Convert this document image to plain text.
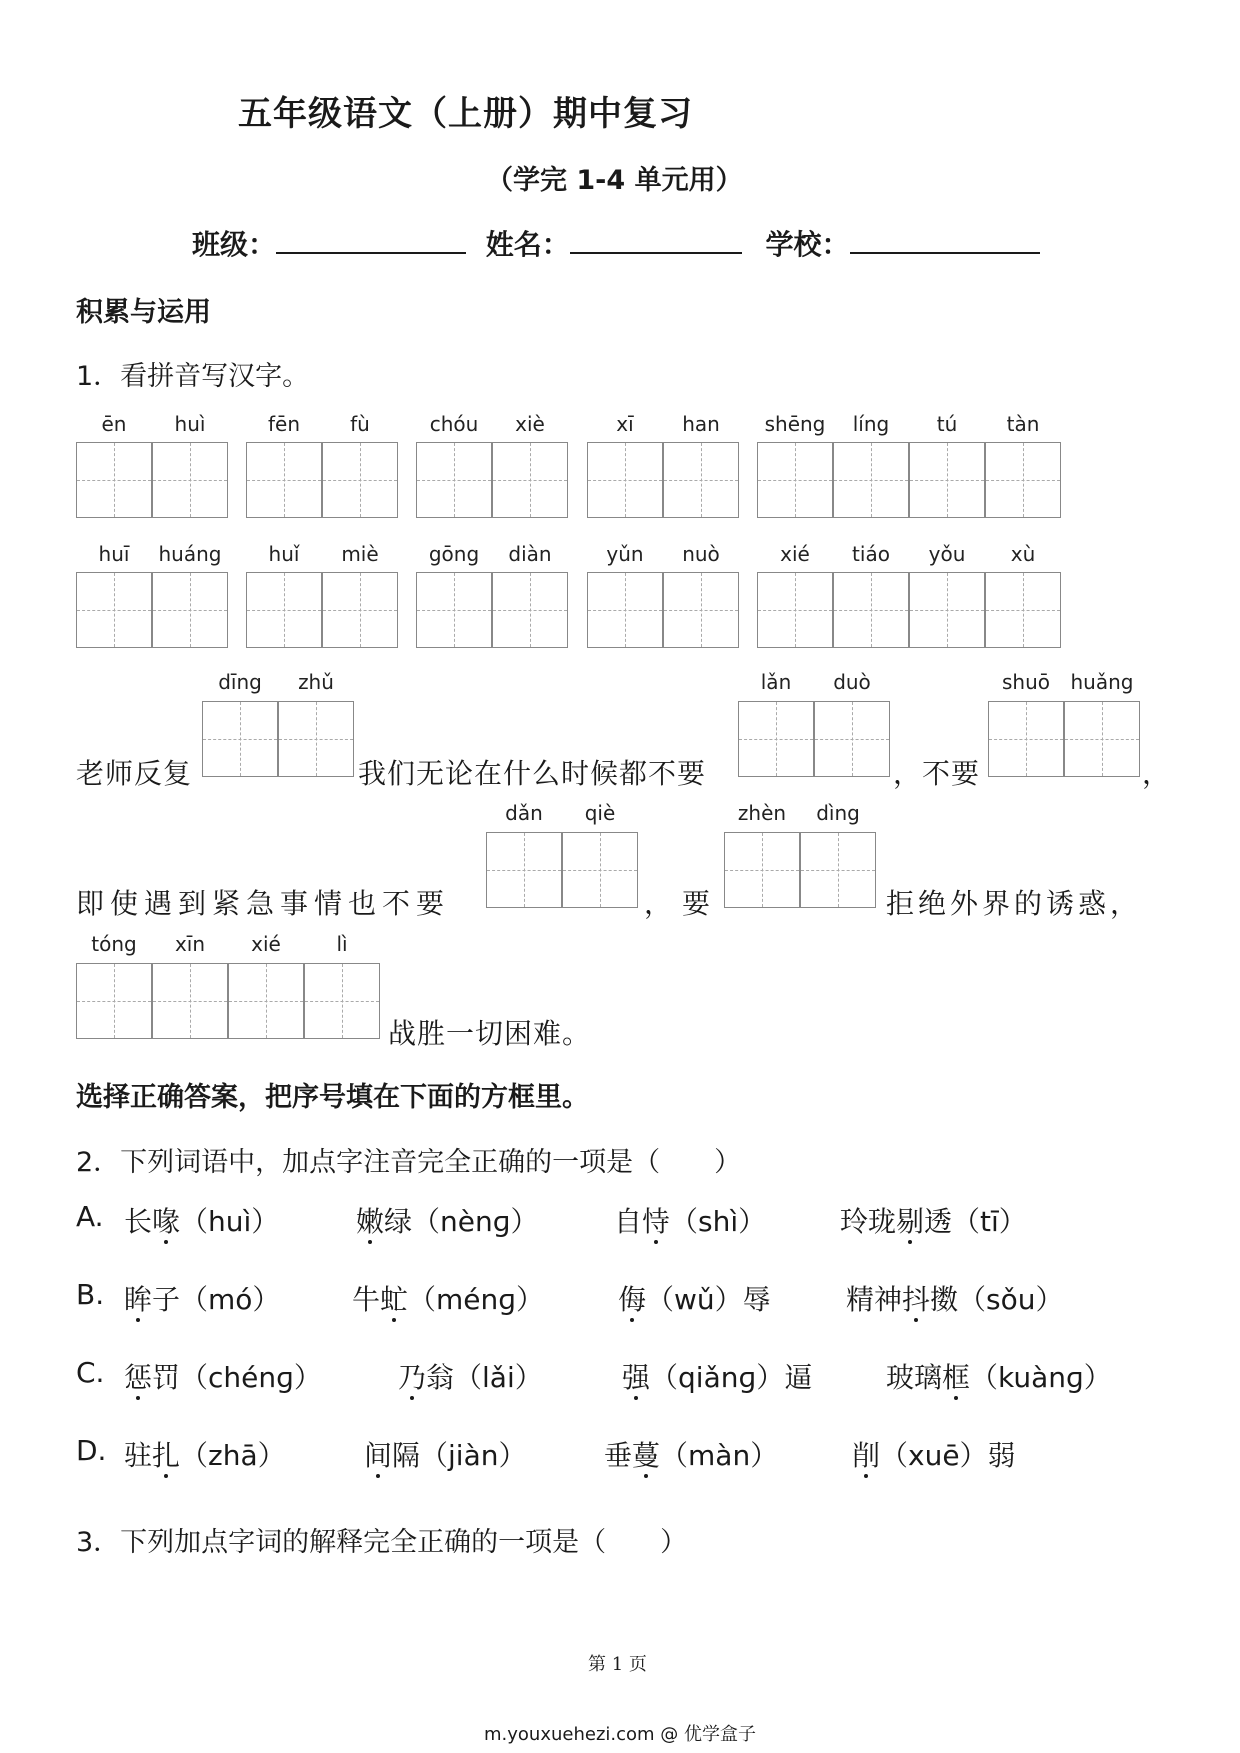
五年级语文（上册）期中复习
（学完 1-4 单元用）
班级：	姓名：	学校：
积累与运用
1．看拼音写汉字。
ēn	huì	fēn	fù	chóu	xiè	xī	han	shēng	líng	tú	tàn
huī	huáng	huǐ	miè	gōng	diàn	yǔn	nuò	xié	tiáo	yǒu	xù
老师反复
dīng	zhǔ
我们无论在什么时候都不要
lǎn	duò
，不要
shuō	huǎng
，
即使遇到紧急事情也不要
dǎn	qiè
，要
zhèn	dìng
拒绝外界的诱惑，
tóng	xīn	xié	lì
战胜一切困难。
选择正确答案，把序号填在下面的方框里。
2．下列词语中，加点字注音完全正确的一项是（　　）
A. 长喙（huì）	嫩绿（nènɡ）	自恃（shì）	玲珑剔透（tī）
B. 眸子（mó）	牛虻（ménɡ）	侮（wǔ）辱	精神抖擞（sǒu）
C. 惩罚（chénɡ）	乃翁（lǎi）	强（qiǎnɡ）逼	玻璃框（kuànɡ）
D. 驻扎（zhā）	间隔（jiàn）	垂蔓（màn）	削（xuē）弱
3．下列加点字词的解释完全正确的一项是（　　）
第 1 页
m.youxuehezi.com @ 优学盒子
